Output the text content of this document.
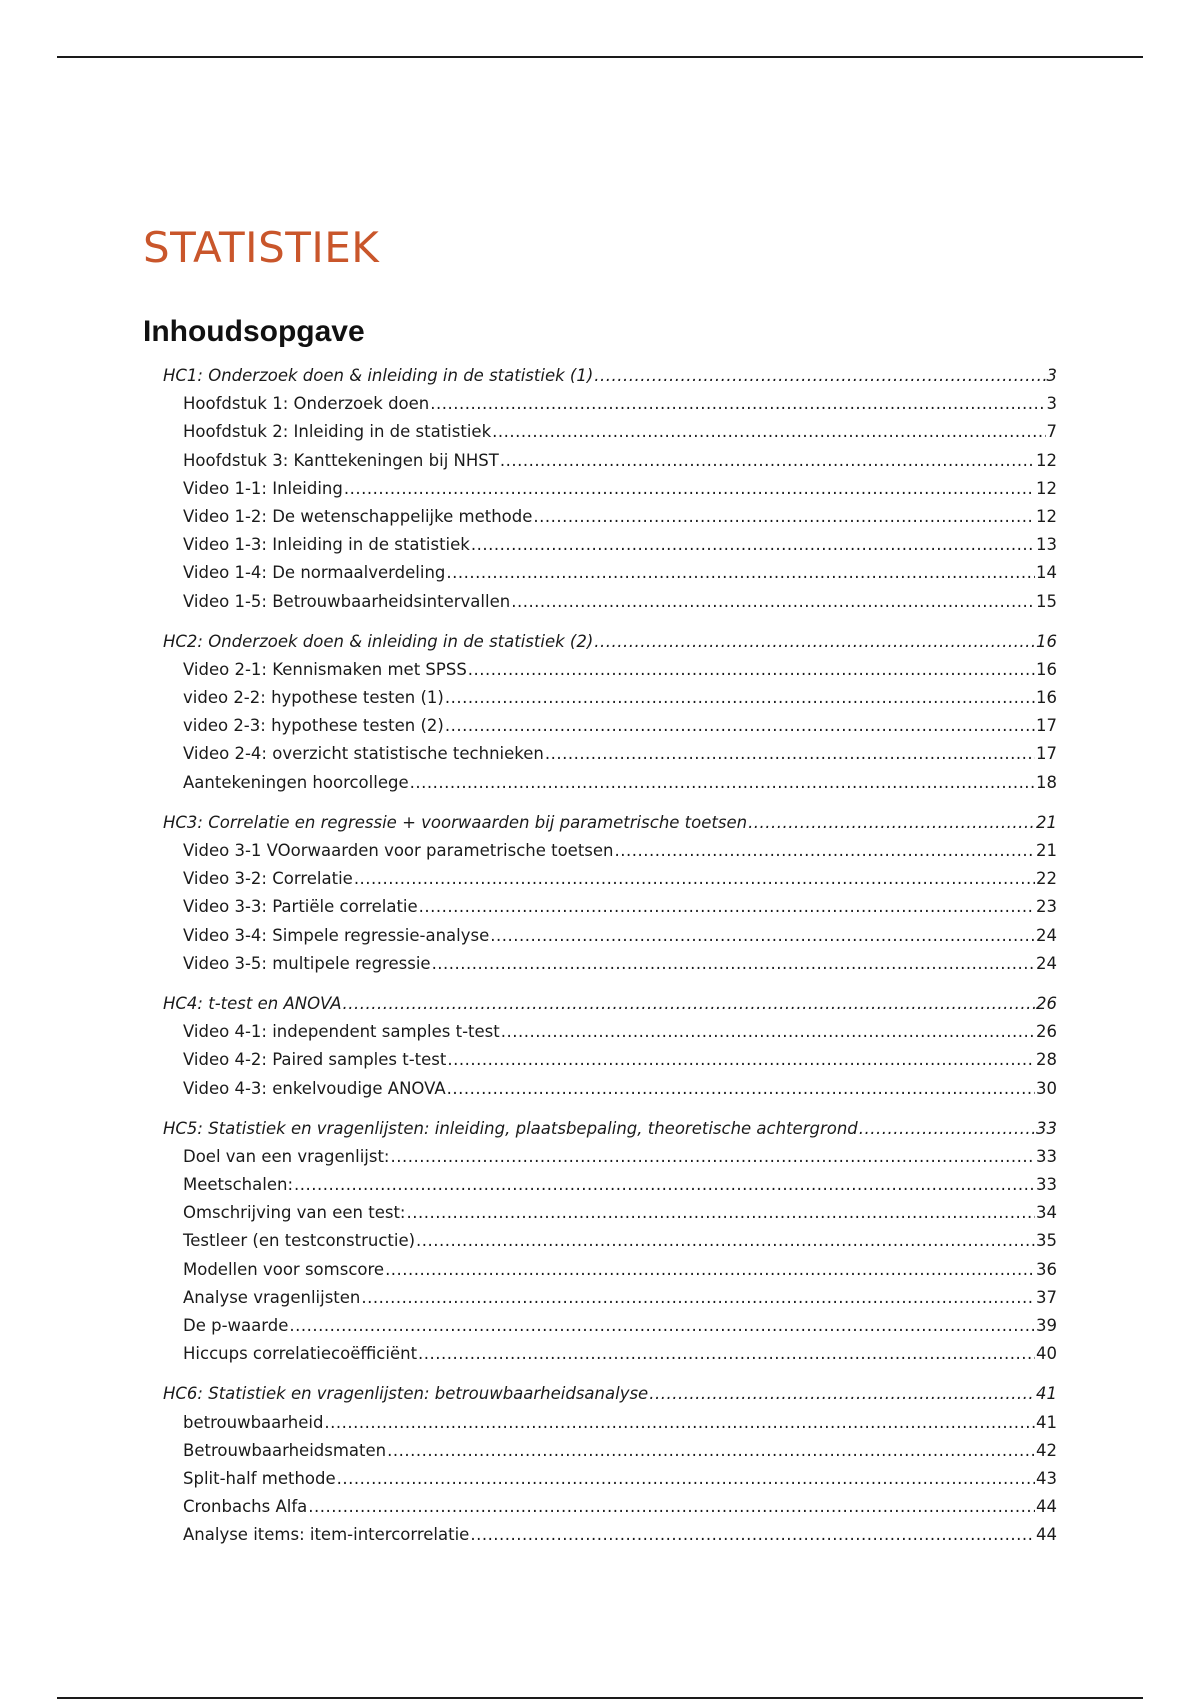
STATISTIEK
Inhoudsopgave
HC1: Onderzoek doen & inleiding in de statistiek (1) .....	3
Hoofdstuk 1: Onderzoek doen .....	3
Hoofdstuk 2: Inleiding in de statistiek .....	7
Hoofdstuk 3: Kanttekeningen bij NHST .....	12
Video 1-1: Inleiding .....	12
Video 1-2: De wetenschappelijke methode .....	12
Video 1-3: Inleiding in de statistiek .....	13
Video 1-4: De normaalverdeling .....	14
Video 1-5: Betrouwbaarheidsintervallen .....	15
HC2: Onderzoek doen & inleiding in de statistiek (2) .....	16
Video 2-1: Kennismaken met SPSS .....	16
video 2-2: hypothese testen (1) .....	16
video 2-3: hypothese testen (2) .....	17
Video 2-4: overzicht statistische technieken .....	17
Aantekeningen hoorcollege .....	18
HC3: Correlatie en regressie + voorwaarden bij parametrische toetsen .....	21
Video 3-1 VOorwaarden voor parametrische toetsen .....	21
Video 3-2: Correlatie .....	22
Video 3-3: Partiële correlatie .....	23
Video 3-4: Simpele regressie-analyse .....	24
Video 3-5: multipele regressie .....	24
HC4: t-test en ANOVA .....	26
Video 4-1: independent samples t-test .....	26
Video 4-2: Paired samples t-test .....	28
Video 4-3: enkelvoudige ANOVA .....	30
HC5: Statistiek en vragenlijsten: inleiding, plaatsbepaling, theoretische achtergrond .....	33
Doel van een vragenlijst: .....	33
Meetschalen: .....	33
Omschrijving van een test: .....	34
Testleer (en testconstructie) .....	35
Modellen voor somscore .....	36
Analyse vragenlijsten .....	37
De p-waarde .....	39
Hiccups correlatiecoëfficiënt .....	40
HC6: Statistiek en vragenlijsten: betrouwbaarheidsanalyse .....	41
betrouwbaarheid .....	41
Betrouwbaarheidsmaten .....	42
Split-half methode .....	43
Cronbachs Alfa .....	44
Analyse items: item-intercorrelatie .....	44
